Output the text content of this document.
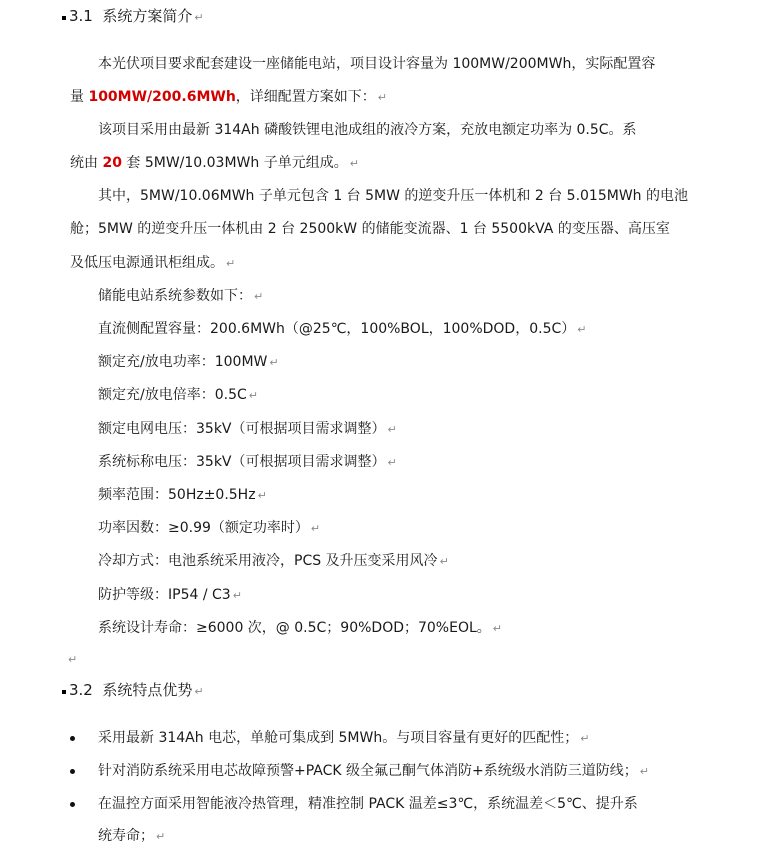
3.1 系统方案简介 ↵
本光伏项目要求配套建设一座储能电站，项目设计容量为 100MW/200MWh，实际配置容
量 100MW/200.6MWh，详细配置方案如下： ↵
该项目采用由最新 314Ah 磷酸铁锂电池成组的液冷方案，充放电额定功率为 0.5C。系
统由 20 套 5MW/10.03MWh 子单元组成。 ↵
其中，5MW/10.06MWh 子单元包含 1 台 5MW 的逆变升压一体机和 2 台 5.015MWh 的电池
舱；5MW 的逆变升压一体机由 2 台 2500kW 的储能变流器、1 台 5500kVA 的变压器、高压室
及低压电源通讯柜组成。 ↵
储能电站系统参数如下： ↵
直流侧配置容量：200.6MWh（@25℃，100%BOL，100%DOD，0.5C） ↵
额定充/放电功率：100MW ↵
额定充/放电倍率：0.5C ↵
额定电网电压：35kV（可根据项目需求调整） ↵
系统标称电压：35kV（可根据项目需求调整） ↵
频率范围：50Hz±0.5Hz ↵
功率因数：≥0.99（额定功率时） ↵
冷却方式：电池系统采用液冷，PCS 及升压变采用风冷 ↵
防护等级：IP54 / C3 ↵
系统设计寿命：≥6000 次，@ 0.5C；90%DOD；70%EOL。 ↵
↵
3.2 系统特点优势 ↵
采用最新 314Ah 电芯，单舱可集成到 5MWh。与项目容量有更好的匹配性； ↵
针对消防系统采用电芯故障预警+PACK 级全氟己酮气体消防+系统级水消防三道防线； ↵
在温控方面采用智能液冷热管理，精准控制 PACK 温差≤3℃，系统温差＜5℃、提升系
统寿命； ↵
